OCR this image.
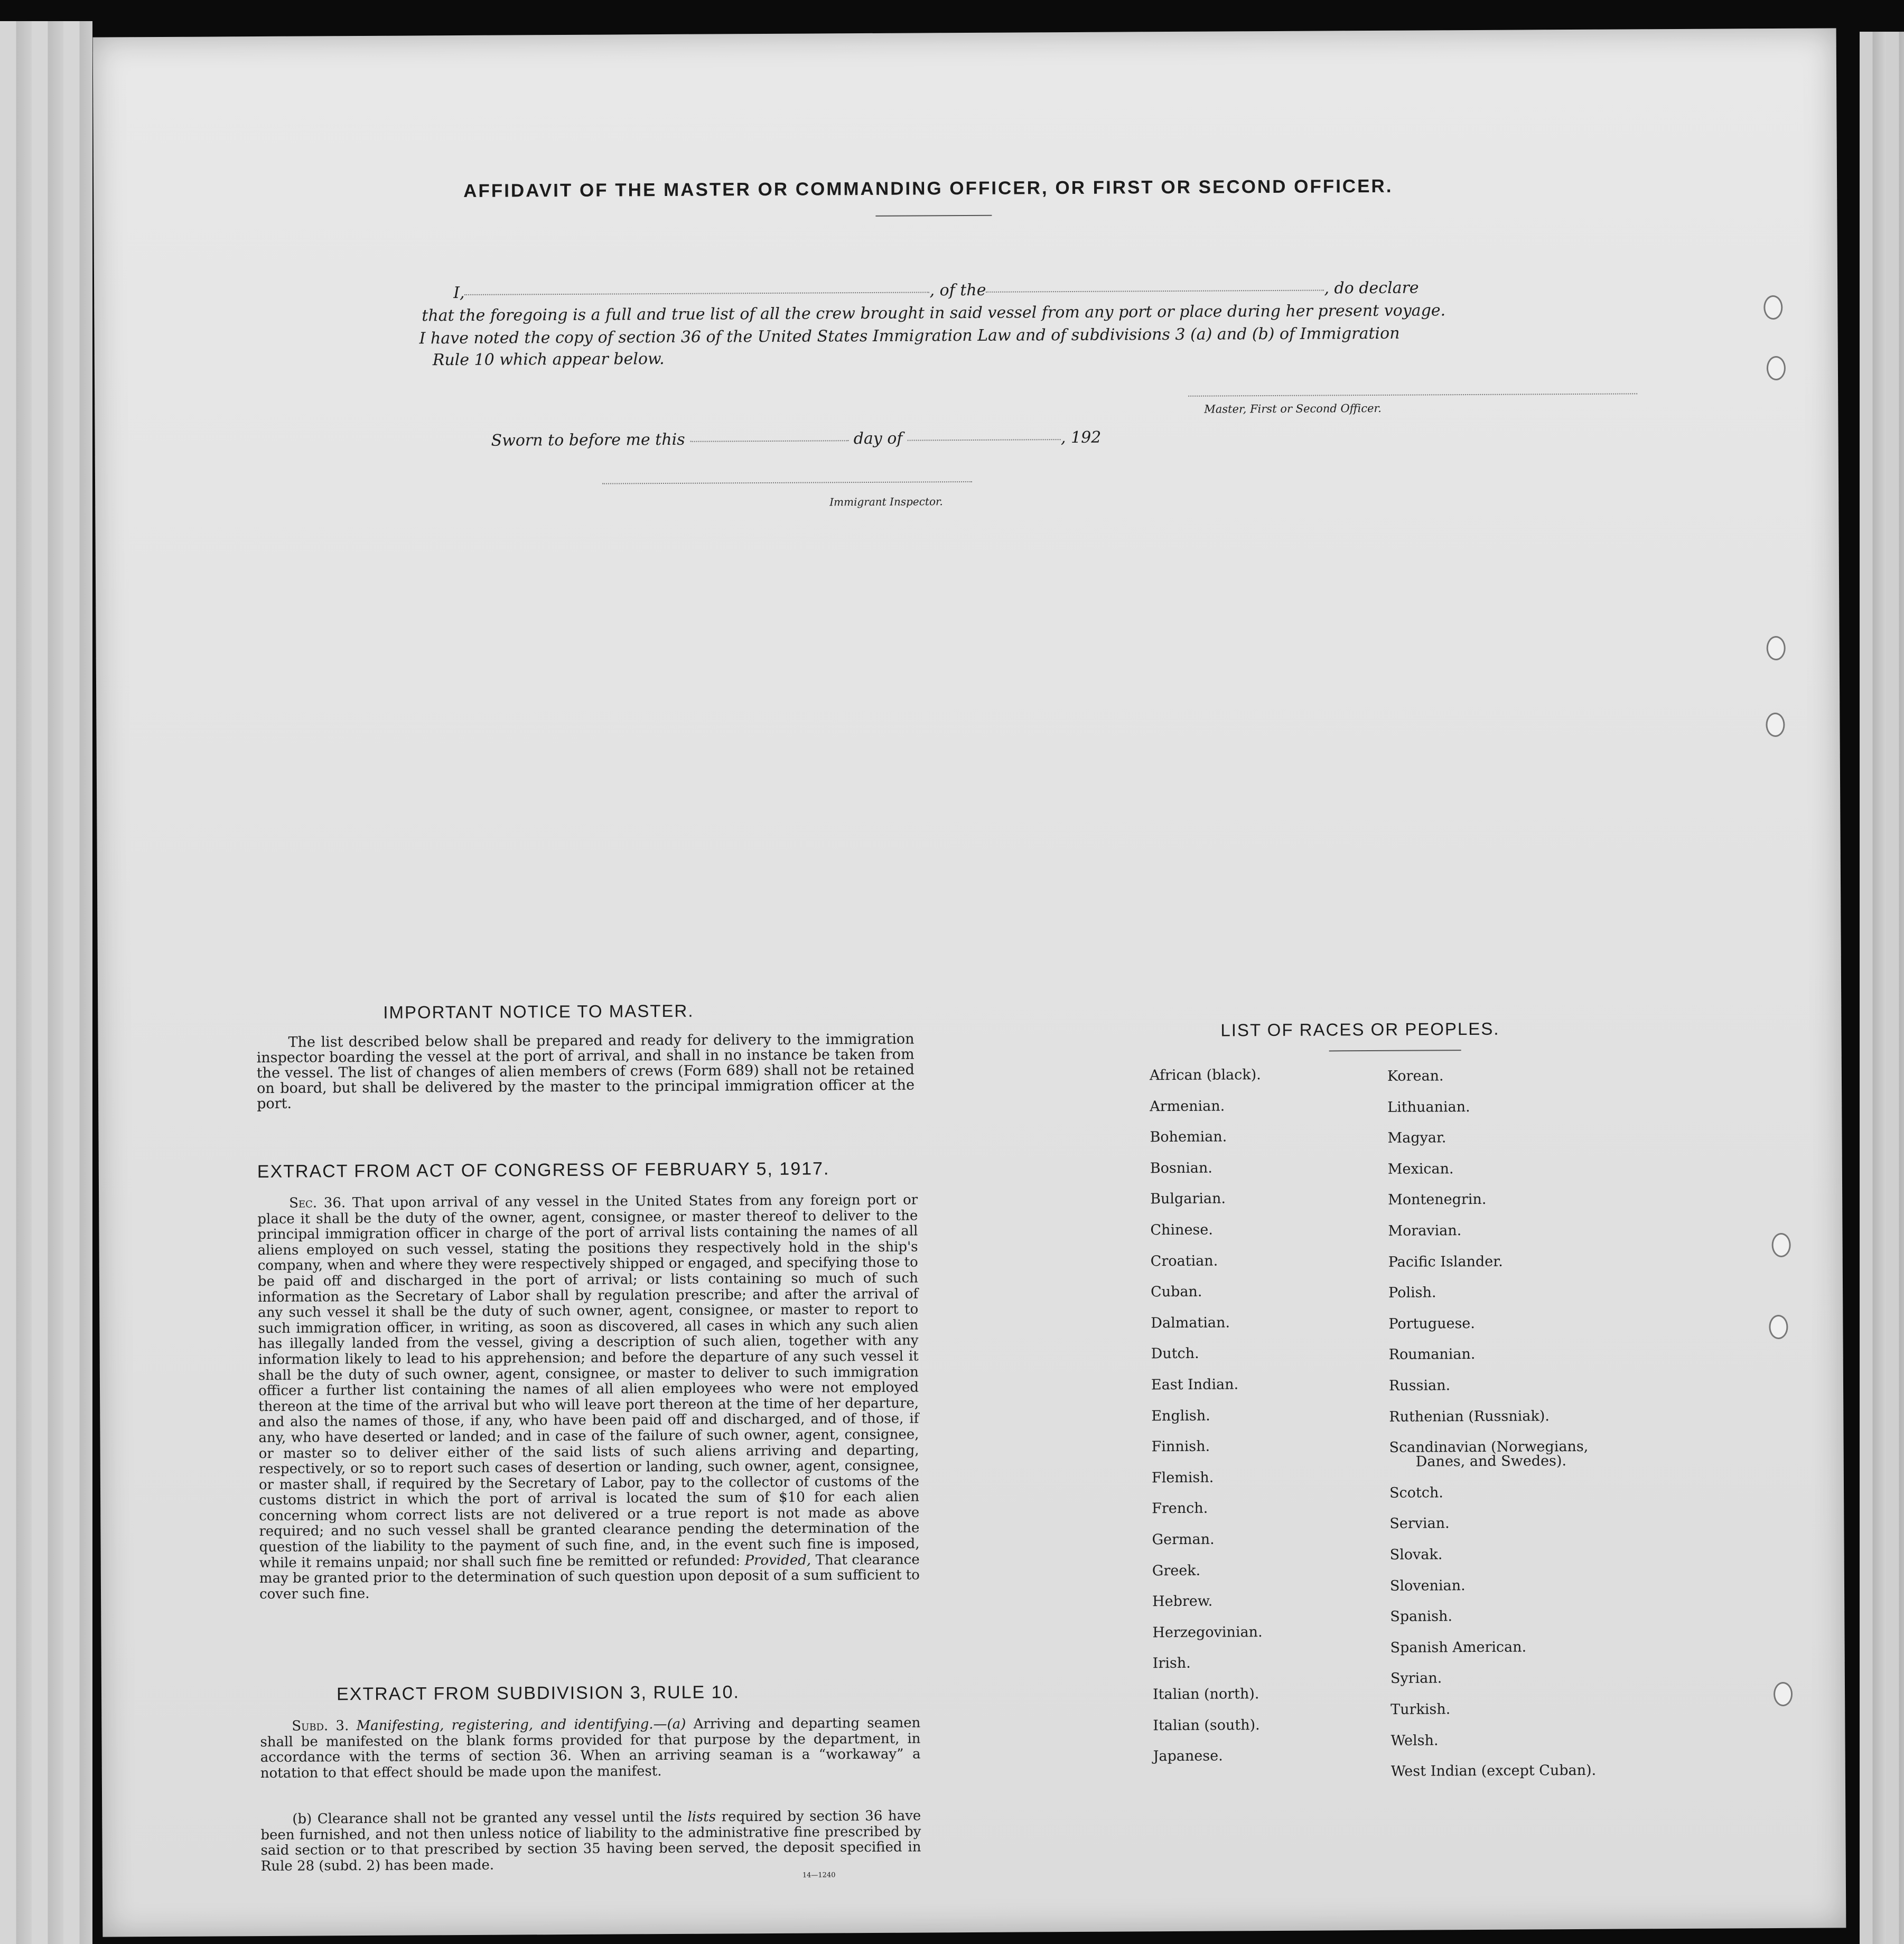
AFFIDAVIT OF THE MASTER OR COMMANDING OFFICER, OR FIRST OR SECOND OFFICER.
I,	, of the	, do declare
that the foregoing is a full and true list of all the crew brought in said vessel from any port or place during her present voyage.
I have noted the copy of section 36 of the United States Immigration Law and of subdivisions 3 (a) and (b) of Immigration
Rule 10 which appear below.
Master, First or Second Officer.
Sworn to before me this	day of	, 192
Immigrant Inspector.
IMPORTANT NOTICE TO MASTER.
The list described below shall be prepared and ready for delivery to the immigration inspector boarding the vessel at the port of arrival, and shall in no instance be taken from the vessel. The list of changes of alien members of crews (Form 689) shall not be retained on board, but shall be delivered by the master to the principal immigration officer at the port.
EXTRACT FROM ACT OF CONGRESS OF FEBRUARY 5, 1917.
Sec. 36. That upon arrival of any vessel in the United States from any foreign port or place it shall be the duty of the owner, agent, consignee, or master thereof to deliver to the principal immigration officer in charge of the port of arrival lists containing the names of all aliens employed on such vessel, stating the positions they respectively hold in the ship's company, when and where they were respectively shipped or engaged, and specifying those to be paid off and discharged in the port of arrival; or lists containing so much of such information as the Secretary of Labor shall by regulation prescribe; and after the arrival of any such vessel it shall be the duty of such owner, agent, consignee, or master to report to such immigration officer, in writing, as soon as discovered, all cases in which any such alien has illegally landed from the vessel, giving a description of such alien, together with any information likely to lead to his apprehension; and before the departure of any such vessel it shall be the duty of such owner, agent, consignee, or master to deliver to such immigration officer a further list containing the names of all alien employees who were not employed thereon at the time of the arrival but who will leave port thereon at the time of her departure, and also the names of those, if any, who have been paid off and discharged, and of those, if any, who have deserted or landed; and in case of the failure of such owner, agent, consignee, or master so to deliver either of the said lists of such aliens arriving and departing, respectively, or so to report such cases of desertion or landing, such owner, agent, consignee, or master shall, if required by the Secretary of Labor, pay to the collector of customs of the customs district in which the port of arrival is located the sum of $10 for each alien concerning whom correct lists are not delivered or a true report is not made as above required; and no such vessel shall be granted clearance pending the determination of the question of the liability to the payment of such fine, and, in the event such fine is imposed, while it remains unpaid; nor shall such fine be remitted or refunded: Provided, That clearance may be granted prior to the determination of such question upon deposit of a sum sufficient to cover such fine.
EXTRACT FROM SUBDIVISION 3, RULE 10.
Subd. 3. Manifesting, registering, and identifying.—(a) Arriving and departing seamen shall be manifested on the blank forms provided for that purpose by the department, in accordance with the terms of section 36. When an arriving seaman is a “workaway” a notation to that effect should be made upon the manifest.
(b) Clearance shall not be granted any vessel until the lists required by section 36 have been furnished, and not then unless notice of liability to the administrative fine prescribed by said section or to that prescribed by section 35 having been served, the deposit specified in Rule 28 (subd. 2) has been made.
14—1240
LIST OF RACES OR PEOPLES.
African (black).
Armenian.
Bohemian.
Bosnian.
Bulgarian.
Chinese.
Croatian.
Cuban.
Dalmatian.
Dutch.
East Indian.
English.
Finnish.
Flemish.
French.
German.
Greek.
Hebrew.
Herzegovinian.
Irish.
Italian (north).
Italian (south).
Japanese.
Korean.
Lithuanian.
Magyar.
Mexican.
Montenegrin.
Moravian.
Pacific Islander.
Polish.
Portuguese.
Roumanian.
Russian.
Ruthenian (Russniak).
Scandinavian (Norwegians,
Danes, and Swedes).
Scotch.
Servian.
Slovak.
Slovenian.
Spanish.
Spanish American.
Syrian.
Turkish.
Welsh.
West Indian (except Cuban).
